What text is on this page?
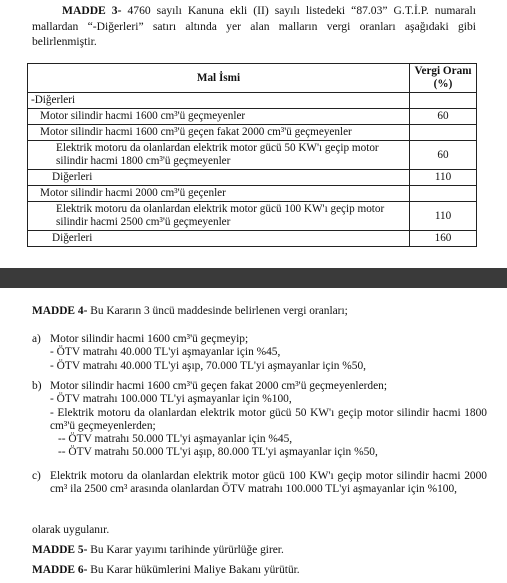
MADDE 3- 4760 sayılı Kanuna ekli (II) sayılı listedeki “87.03” G.T.İ.P. numaralı mallardan “-Diğerleri” satırı altında yer alan malların vergi oranları aşağıdaki gibi belirlenmiştir.
Mal İsmi	Vergi Oranı (%)
-Diğerleri	
Motor silindir hacmi 1600 cm³'ü geçmeyenler	60
Motor silindir hacmi 1600 cm³'ü geçen fakat 2000 cm³'ü geçmeyenler	
Elektrik motoru da olanlardan elektrik motor gücü 50 KW'ı geçip motor silindir hacmi 1800 cm³'ü geçmeyenler	60
Diğerleri	110
Motor silindir hacmi 2000 cm³'ü geçenler	
Elektrik motoru da olanlardan elektrik motor gücü 100 KW'ı geçip motor silindir hacmi 2500 cm³'ü geçmeyenler	110
Diğerleri	160
MADDE 4- Bu Kararın 3 üncü maddesinde belirlenen vergi oranları;
a) Motor silindir hacmi 1600 cm³'ü geçmeyip;
- ÖTV matrahı 40.000 TL'yi aşmayanlar için %45,
- ÖTV matrahı 40.000 TL'yi aşıp, 70.000 TL'yi aşmayanlar için %50,
b) Motor silindir hacmi 1600 cm³'ü geçen fakat 2000 cm³'ü geçmeyenlerden;
- ÖTV matrahı 100.000 TL'yi aşmayanlar için %100,
- Elektrik motoru da olanlardan elektrik motor gücü 50 KW'ı geçip motor silindir hacmi 1800 cm³'ü geçmeyenlerden;
-- ÖTV matrahı 50.000 TL'yi aşmayanlar için %45,
-- ÖTV matrahı 50.000 TL'yi aşıp, 80.000 TL'yi aşmayanlar için %50,
c) Elektrik motoru da olanlardan elektrik motor gücü 100 KW'ı geçip motor silindir hacmi 2000 cm³ ila 2500 cm³ arasında olanlardan ÖTV matrahı 100.000 TL'yi aşmayanlar için %100,
olarak uygulanır.
MADDE 5- Bu Karar yayımı tarihinde yürürlüğe girer.
MADDE 6- Bu Karar hükümlerini Maliye Bakanı yürütür.
